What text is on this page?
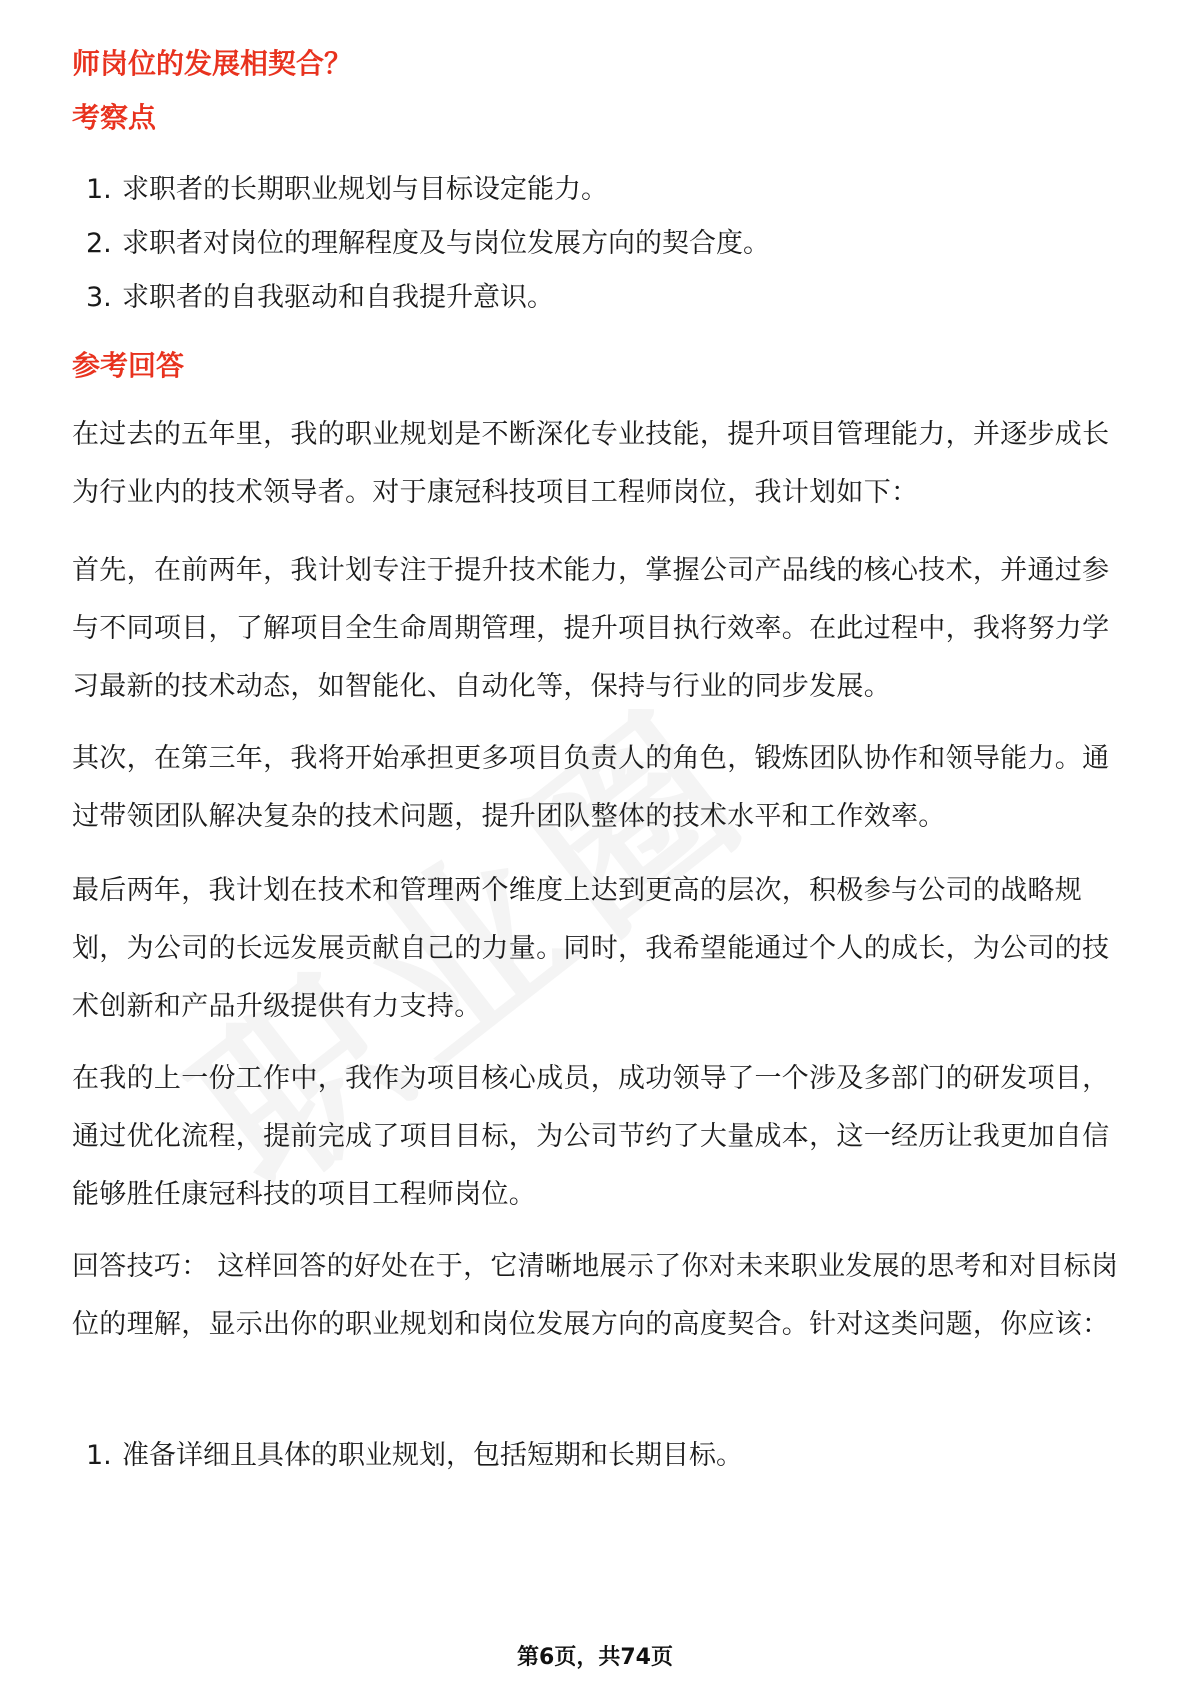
师岗位的发展相契合？
考察点
1. 求职者的长期职业规划与目标设定能力。
2. 求职者对岗位的理解程度及与岗位发展方向的契合度。
3. 求职者的自我驱动和自我提升意识。
参考回答

在过去的五年里，我的职业规划是不断深化专业技能，提升项目管理能力，并逐步成长为行业内的技术领导者。对于康冠科技项目工程师岗位，我计划如下：

首先，在前两年，我计划专注于提升技术能力，掌握公司产品线的核心技术，并通过参与不同项目，了解项目全生命周期管理，提升项目执行效率。在此过程中，我将努力学习最新的技术动态，如智能化、自动化等，保持与行业的同步发展。

其次，在第三年，我将开始承担更多项目负责人的角色，锻炼团队协作和领导能力。通过带领团队解决复杂的技术问题，提升团队整体的技术水平和工作效率。

最后两年，我计划在技术和管理两个维度上达到更高的层次，积极参与公司的战略规划，为公司的长远发展贡献自己的力量。同时，我希望能通过个人的成长，为公司的技术创新和产品升级提供有力支持。

在我的上一份工作中，我作为项目核心成员，成功领导了一个涉及多部门的研发项目，通过优化流程，提前完成了项目目标，为公司节约了大量成本，这一经历让我更加自信能够胜任康冠科技的项目工程师岗位。

回答技巧： 这样回答的好处在于，它清晰地展示了你对未来职业发展的思考和对目标岗位的理解，显示出你的职业规划和岗位发展方向的高度契合。针对这类问题，你应该：

1. 准备详细且具体的职业规划，包括短期和长期目标。
第6页，共74页
